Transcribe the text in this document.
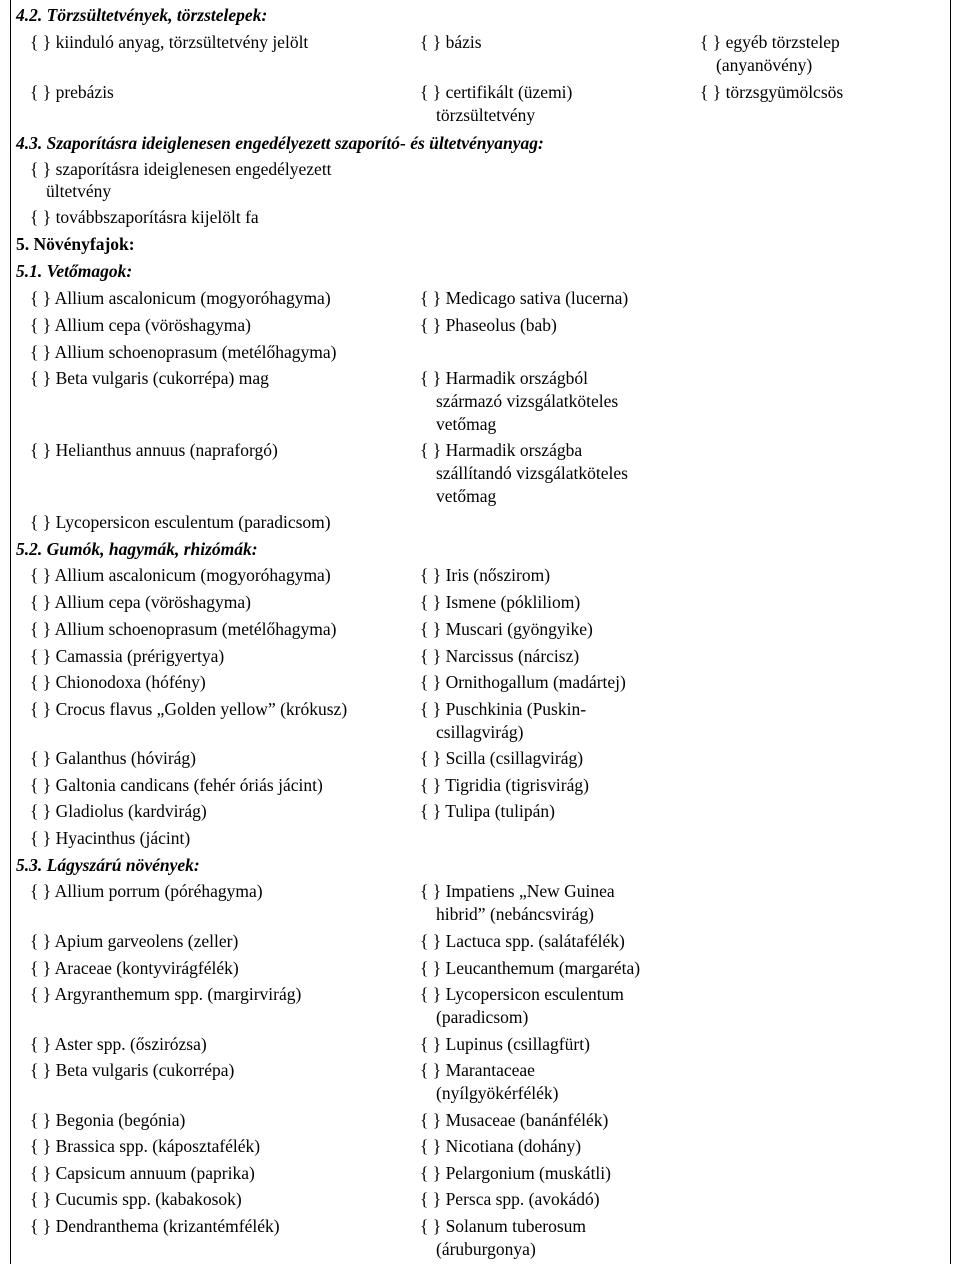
4.2. Törzsültetvények, törzstelepek:
{ } kiinduló anyag, törzsültetvény jelölt	{ } bázis	{ } egyéb törzstelep
(anyanövény)
{ } prebázis	{ } certifikált (üzemi)	{ } törzsgyümölcsös
törzsültetvény
4.3. Szaporításra ideiglenesen engedélyezett szaporító- és ültetvényanyag:
{ } szaporításra ideiglenesen engedélyezett
ültetvény
{ } továbbszaporításra kijelölt fa
5. Növényfajok:
5.1. Vetőmagok:
{ } Allium ascalonicum (mogyoróhagyma)	{ } Medicago sativa (lucerna)
{ } Allium cepa (vöröshagyma)	{ } Phaseolus (bab)
{ } Allium schoenoprasum (metélőhagyma)
{ } Beta vulgaris (cukorrépa) mag	{ } Harmadik országból
származó vizsgálatköteles
vetőmag
{ } Helianthus annuus (napraforgó)	{ } Harmadik országba
szállítandó vizsgálatköteles
vetőmag
{ } Lycopersicon esculentum (paradicsom)
5.2. Gumók, hagymák, rhizómák:
{ } Allium ascalonicum (mogyoróhagyma)	{ } Iris (nőszirom)
{ } Allium cepa (vöröshagyma)	{ } Ismene (pókliliom)
{ } Allium schoenoprasum (metélőhagyma)	{ } Muscari (gyöngyike)
{ } Camassia (prérigyertya)	{ } Narcissus (nárcisz)
{ } Chionodoxa (hófény)	{ } Ornithogallum (madártej)
{ } Crocus flavus „Golden yellow” (krókusz)	{ } Puschkinia (Puskin-
csillagvirág)
{ } Galanthus (hóvirág)	{ } Scilla (csillagvirág)
{ } Galtonia candicans (fehér óriás jácint)	{ } Tigridia (tigrisvirág)
{ } Gladiolus (kardvirág)	{ } Tulipa (tulipán)
{ } Hyacinthus (jácint)
5.3. Lágyszárú növények:
{ } Allium porrum (póréhagyma)	{ } Impatiens „New Guinea
hibrid” (nebáncsvirág)
{ } Apium garveolens (zeller)	{ } Lactuca spp. (salátafélék)
{ } Araceae (kontyvirágfélék)	{ } Leucanthemum (margaréta)
{ } Argyranthemum spp. (margirvirág)	{ } Lycopersicon esculentum
(paradicsom)
{ } Aster spp. (őszirózsa)	{ } Lupinus (csillagfürt)
{ } Beta vulgaris (cukorrépa)	{ } Marantaceae
(nyílgyökérfélék)
{ } Begonia (begónia)	{ } Musaceae (banánfélék)
{ } Brassica spp. (káposztafélék)	{ } Nicotiana (dohány)
{ } Capsicum annuum (paprika)	{ } Pelargonium (muskátli)
{ } Cucumis spp. (kabakosok)	{ } Persca spp. (avokádó)
{ } Dendranthema (krizantémfélék)	{ } Solanum tuberosum
(áruburgonya)
